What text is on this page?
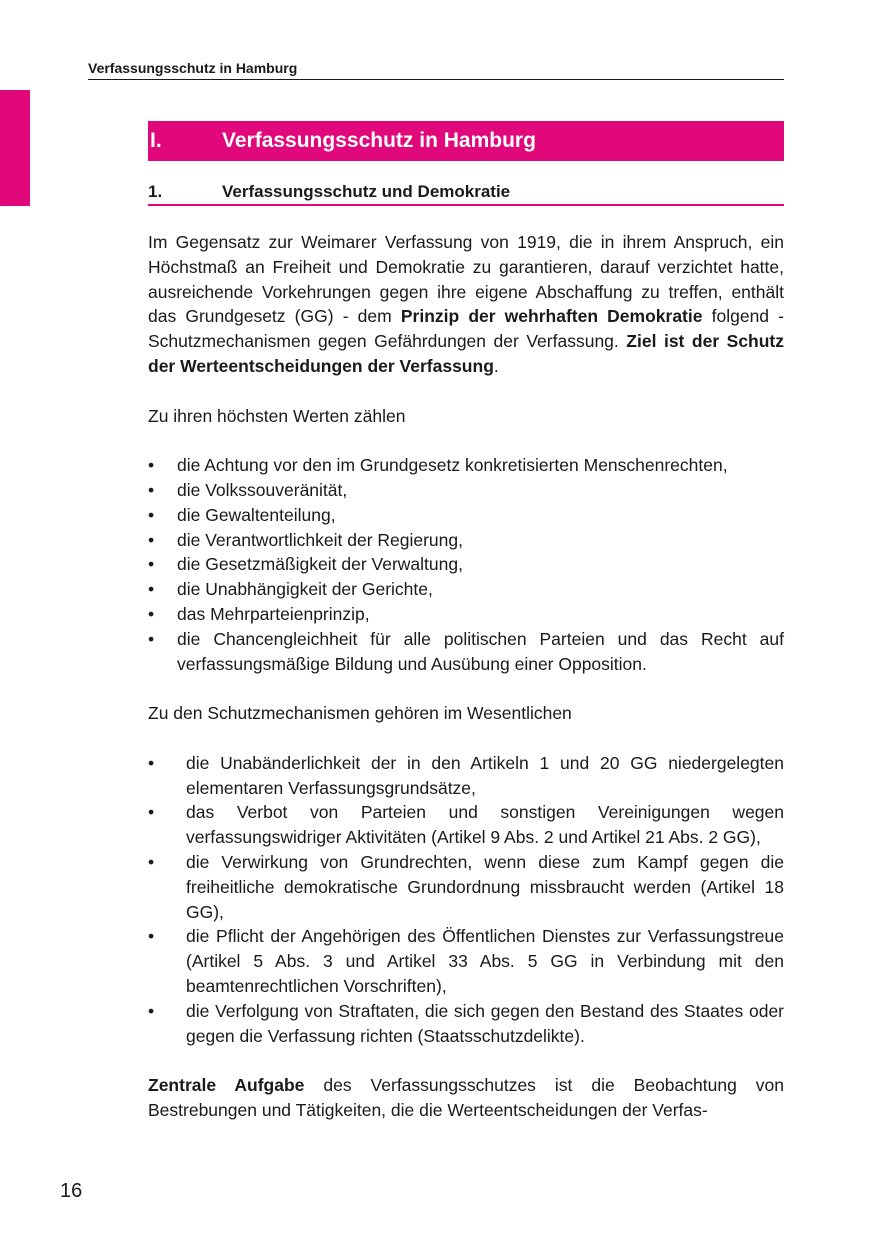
Verfassungsschutz in Hamburg
I.	Verfassungsschutz in Hamburg
1.	Verfassungsschutz und Demokratie

Im Gegensatz zur Weimarer Verfassung von 1919, die in ihrem Anspruch, ein Höchstmaß an Freiheit und Demokratie zu garantieren, darauf verzichtet hatte, ausreichende Vorkehrungen gegen ihre eigene Abschaffung zu treffen, enthält das Grundgesetz (GG) - dem Prinzip der wehrhaften Demokratie folgend - Schutzmechanismen gegen Gefährdungen der Verfassung. Ziel ist der Schutz der Werteentscheidungen der Verfassung.

Zu ihren höchsten Werten zählen

• die Achtung vor den im Grundgesetz konkretisierten Menschenrechten,
• die Volkssouveränität,
• die Gewaltenteilung,
• die Verantwortlichkeit der Regierung,
• die Gesetzmäßigkeit der Verwaltung,
• die Unabhängigkeit der Gerichte,
• das Mehrparteienprinzip,
• die Chancengleichheit für alle politischen Parteien und das Recht auf verfassungsmäßige Bildung und Ausübung einer Opposition.

Zu den Schutzmechanismen gehören im Wesentlichen

• die Unabänderlichkeit der in den Artikeln 1 und 20 GG niedergelegten elementaren Verfassungsgrundsätze,
• das Verbot von Parteien und sonstigen Vereinigungen wegen verfassungswidriger Aktivitäten (Artikel 9 Abs. 2 und Artikel 21 Abs. 2 GG),
• die Verwirkung von Grundrechten, wenn diese zum Kampf gegen die freiheitliche demokratische Grundordnung missbraucht werden (Artikel 18 GG),
• die Pflicht der Angehörigen des Öffentlichen Dienstes zur Verfassungstreue (Artikel 5 Abs. 3 und Artikel 33 Abs. 5 GG in Verbindung mit den beamtenrechtlichen Vorschriften),
• die Verfolgung von Straftaten, die sich gegen den Bestand des Staates oder gegen die Verfassung richten (Staatsschutzdelikte).

Zentrale Aufgabe des Verfassungsschutzes ist die Beobachtung von Bestrebungen und Tätigkeiten, die die Werteentscheidungen der Verfas-

16
